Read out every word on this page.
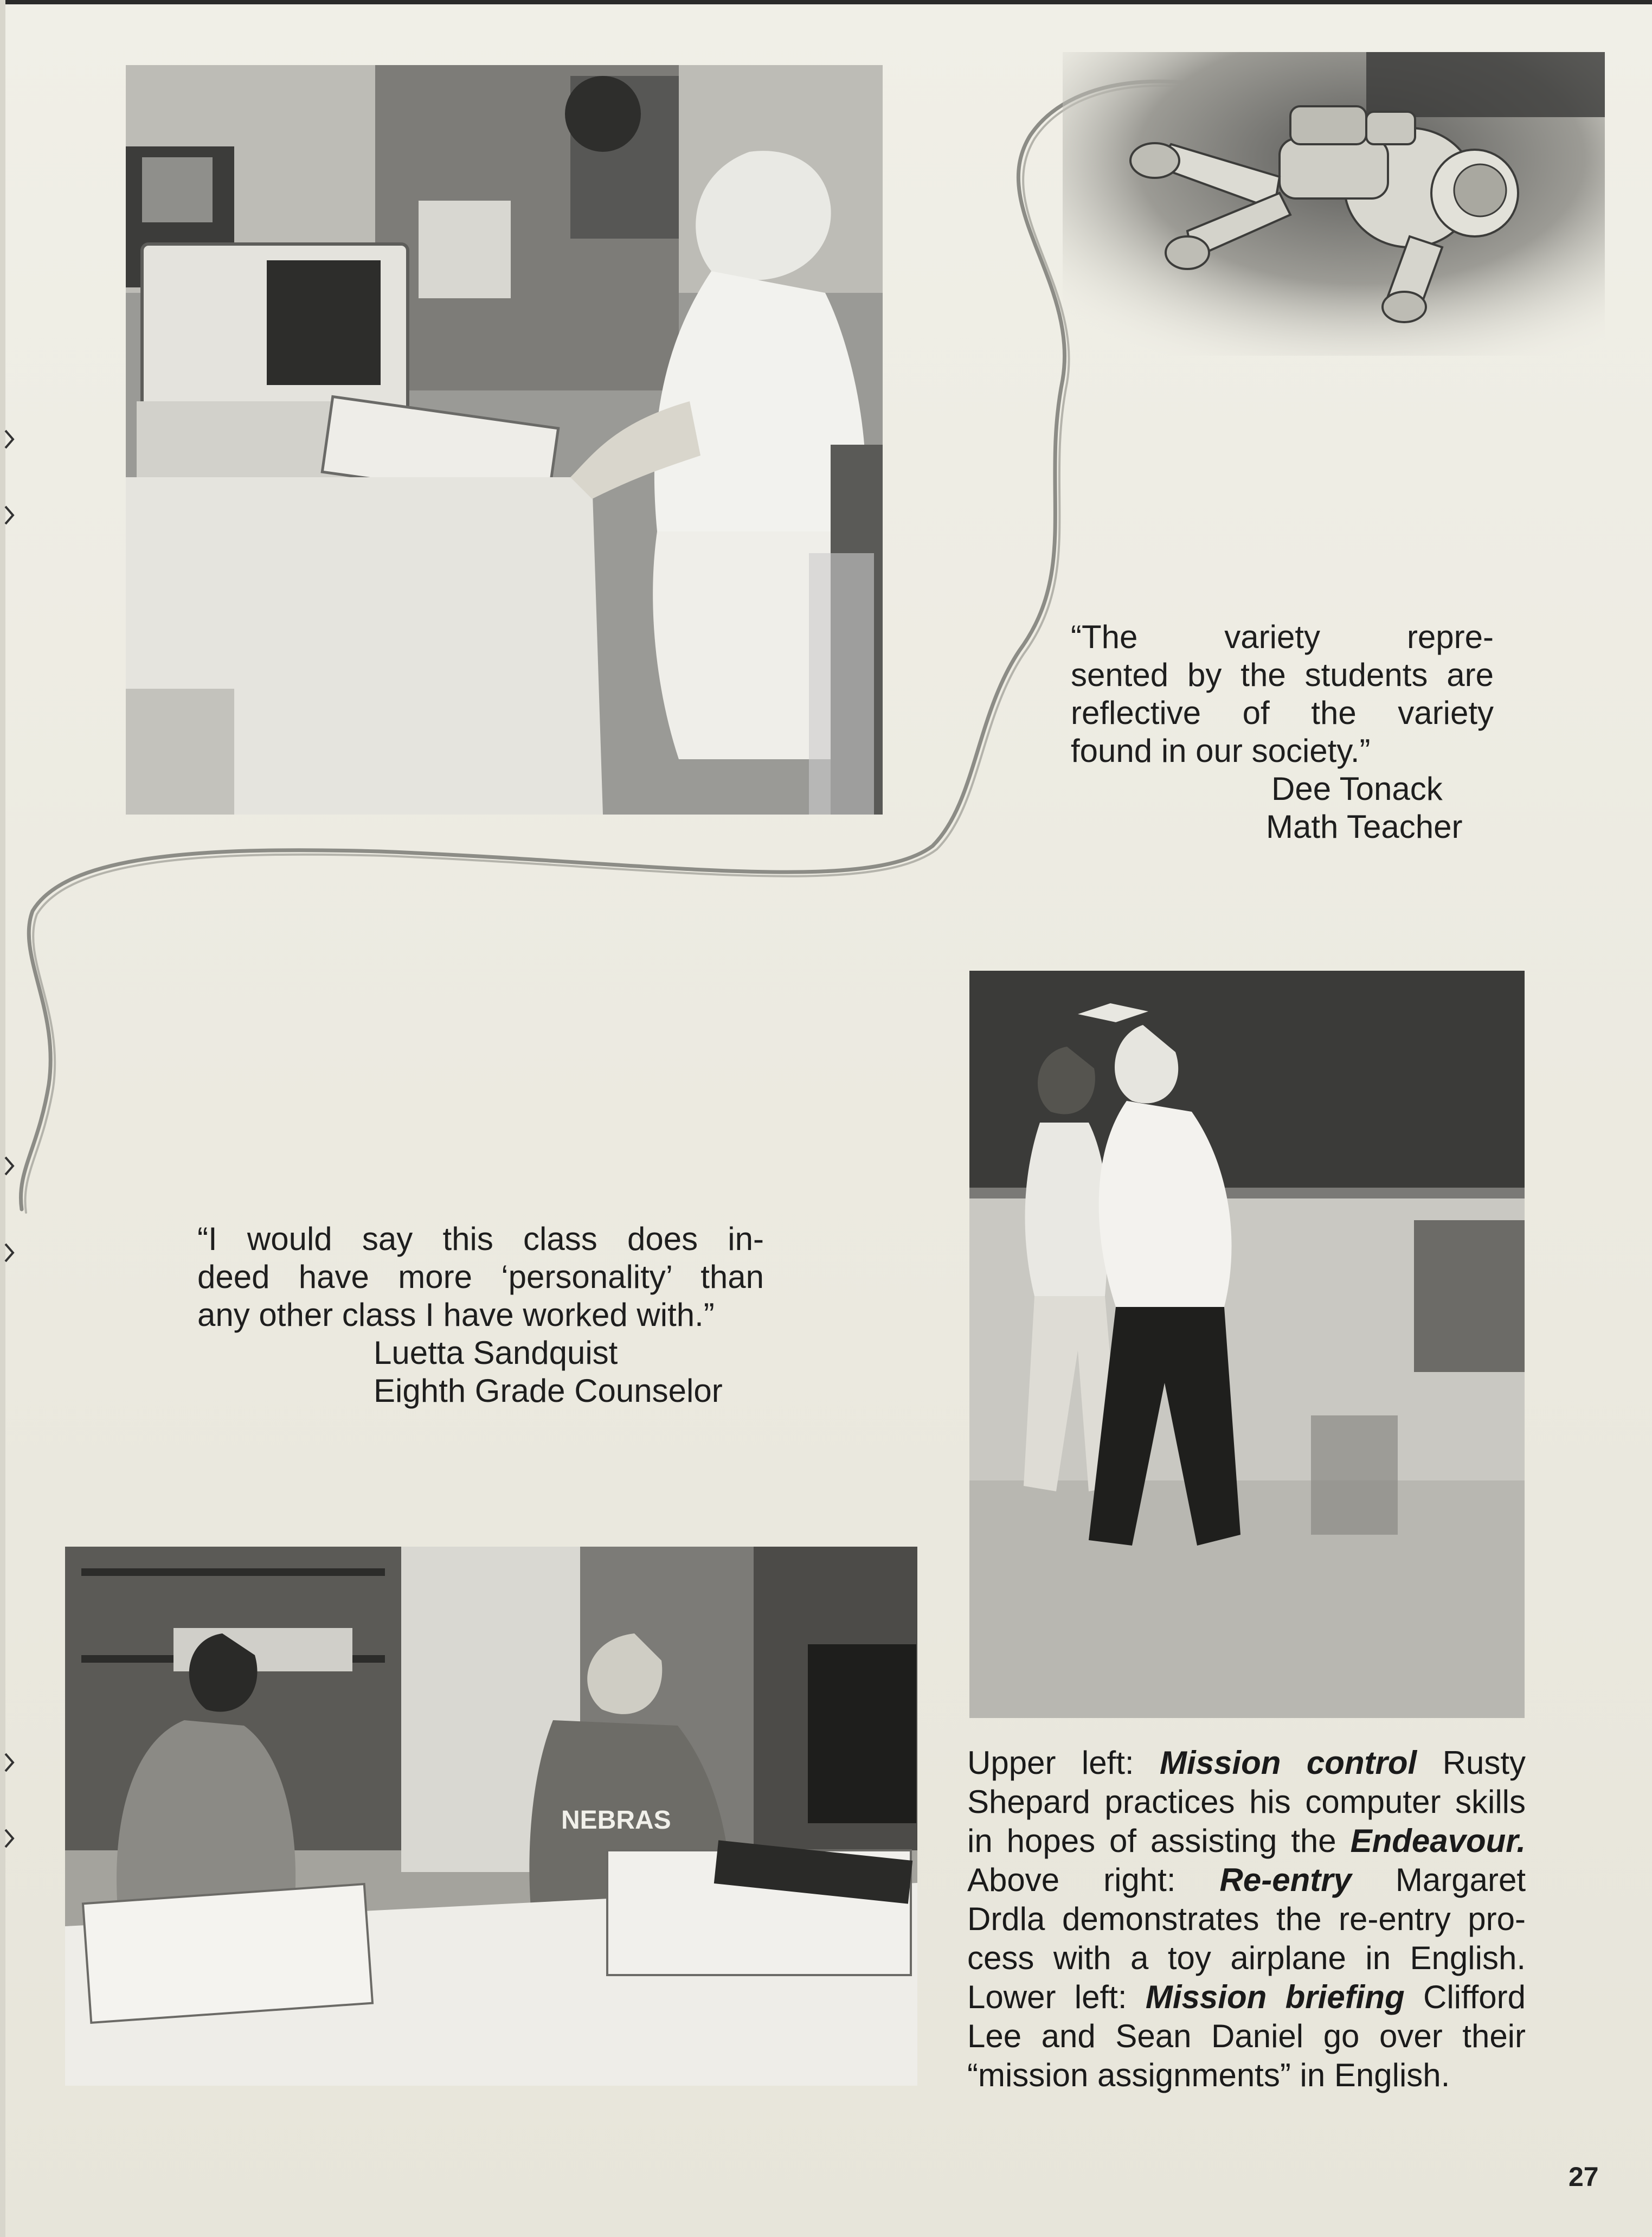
“The variety repre-

sented by the students are

reflective of the variety

found in our society.”

Dee Tonack

Math Teacher

“I would say this class does in-

deed have more ‘personality’ than

any other class I have worked with.”

Luetta Sandquist

Eighth Grade Counselor

NEBRAS
Upper left: Mission control Rusty
Shepard practices his computer skills
in hopes of assisting the Endeavour.
Above right: Re-entry Margaret
Drdla demonstrates the re-entry pro-
cess with a toy airplane in English.
Lower left: Mission briefing Clifford
Lee and Sean Daniel go over their
“mission assignments” in English.
27
